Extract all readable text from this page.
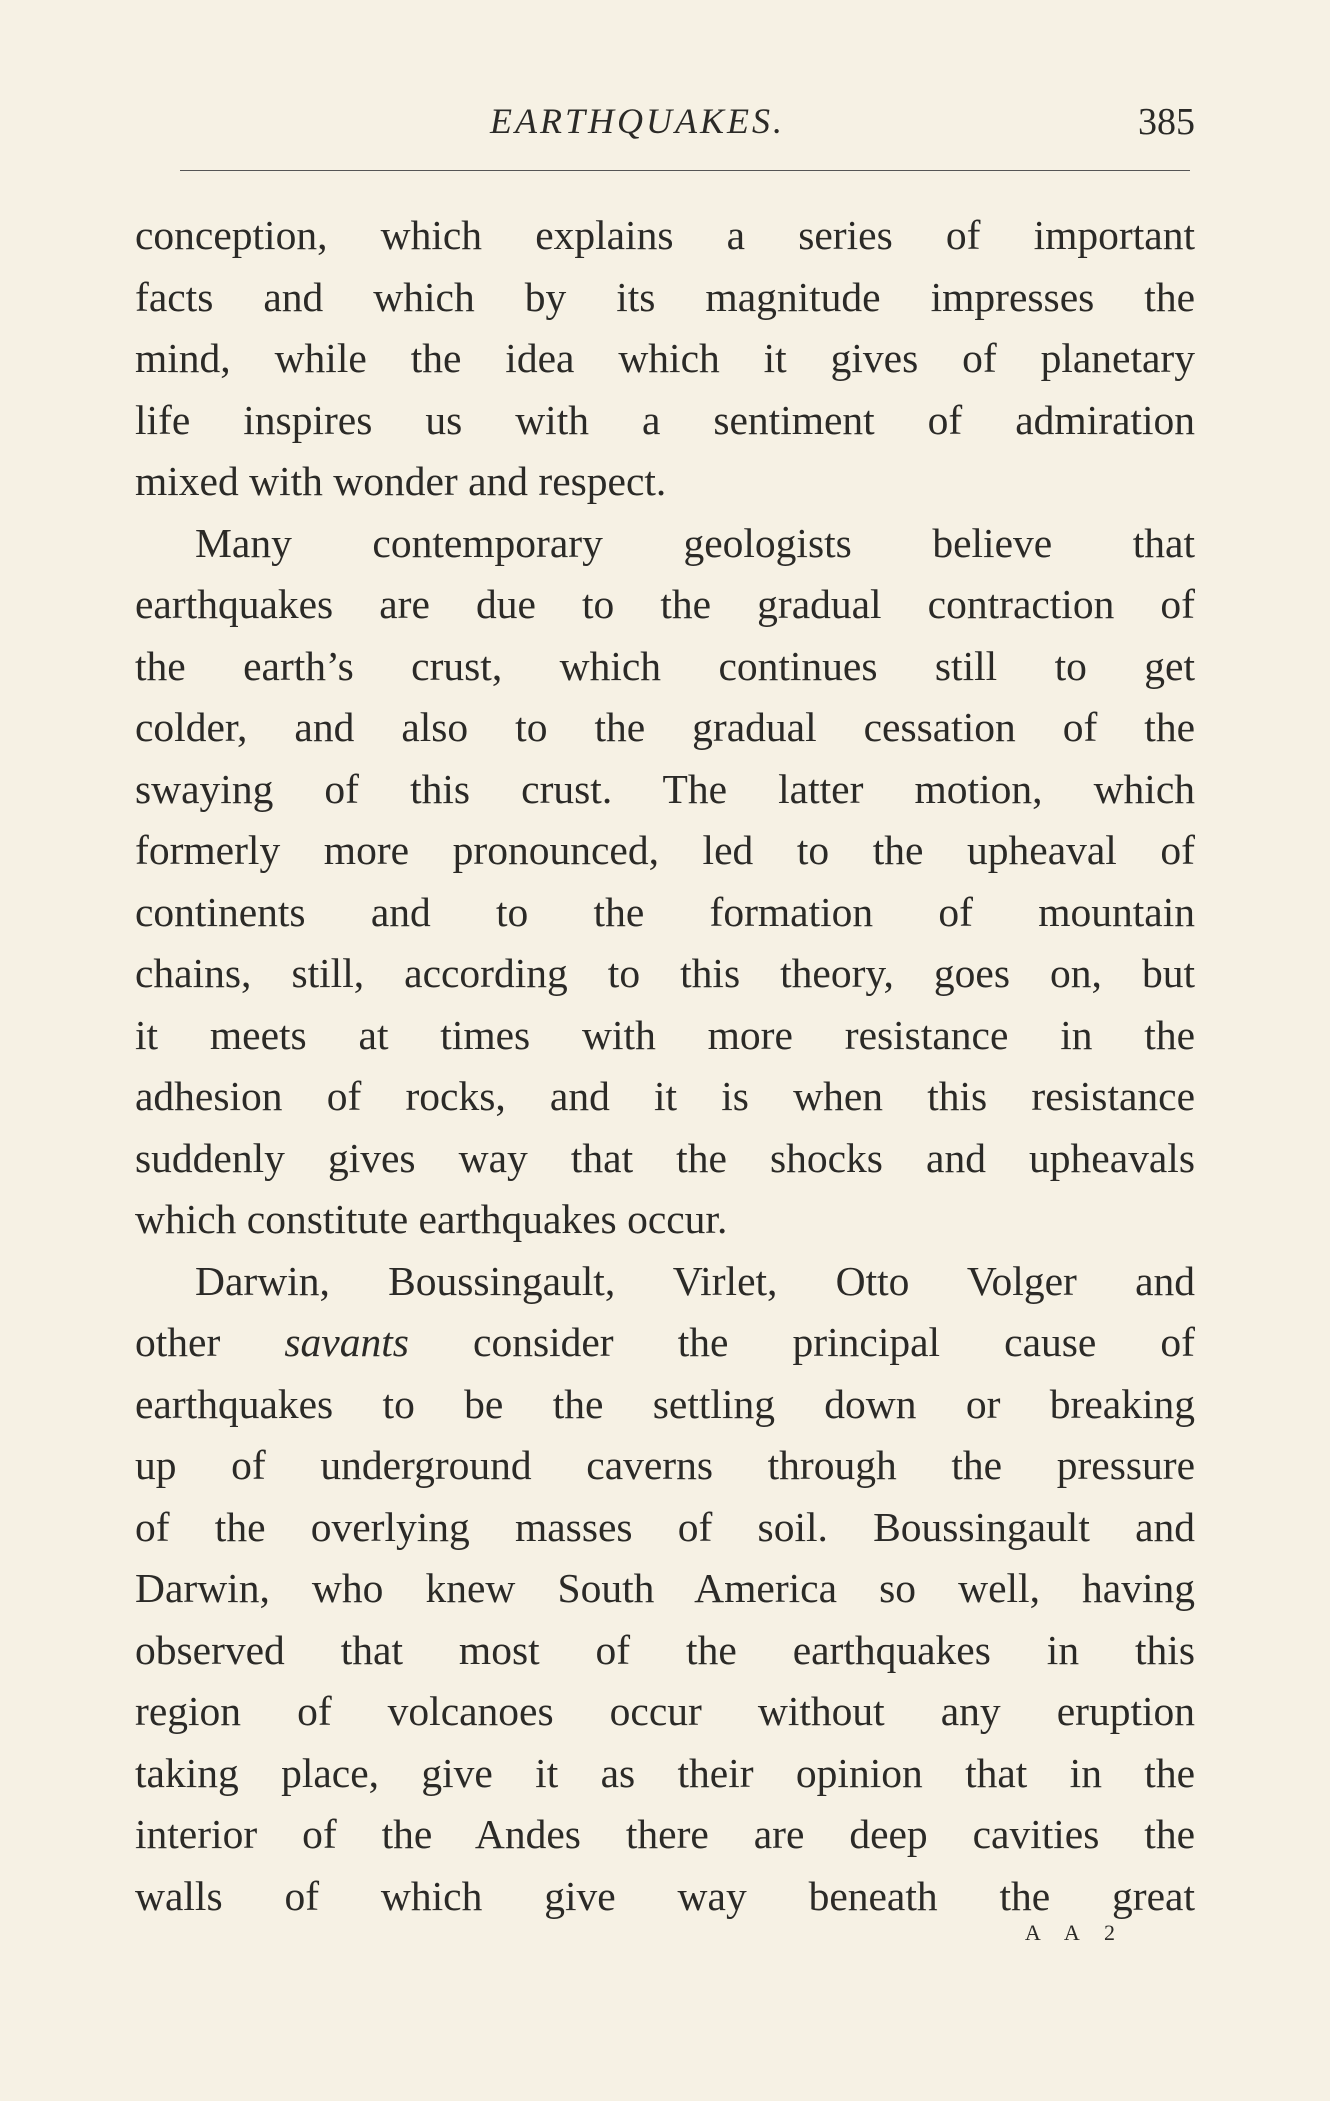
EARTHQUAKES.	385

conception, which explains a series of important

facts and which by its magnitude impresses the

mind, while the idea which it gives of planetary

life inspires us with a sentiment of admiration

mixed with wonder and respect.

Many contemporary geologists believe that

earthquakes are due to the gradual contraction of

the earth’s crust, which continues still to get

colder, and also to the gradual cessation of the

swaying of this crust. The latter motion, which

formerly more pronounced, led to the upheaval of

continents and to the formation of mountain

chains, still, according to this theory, goes on, but

it meets at times with more resistance in the

adhesion of rocks, and it is when this resistance

suddenly gives way that the shocks and upheavals

which constitute earthquakes occur.

Darwin, Boussingault, Virlet, Otto Volger and

other savants consider the principal cause of

earthquakes to be the settling down or breaking

up of underground caverns through the pressure

of the overlying masses of soil. Boussingault and

Darwin, who knew South America so well, having

observed that most of the earthquakes in this

region of volcanoes occur without any eruption

taking place, give it as their opinion that in the

interior of the Andes there are deep cavities the

walls of which give way beneath the great

A A 2
